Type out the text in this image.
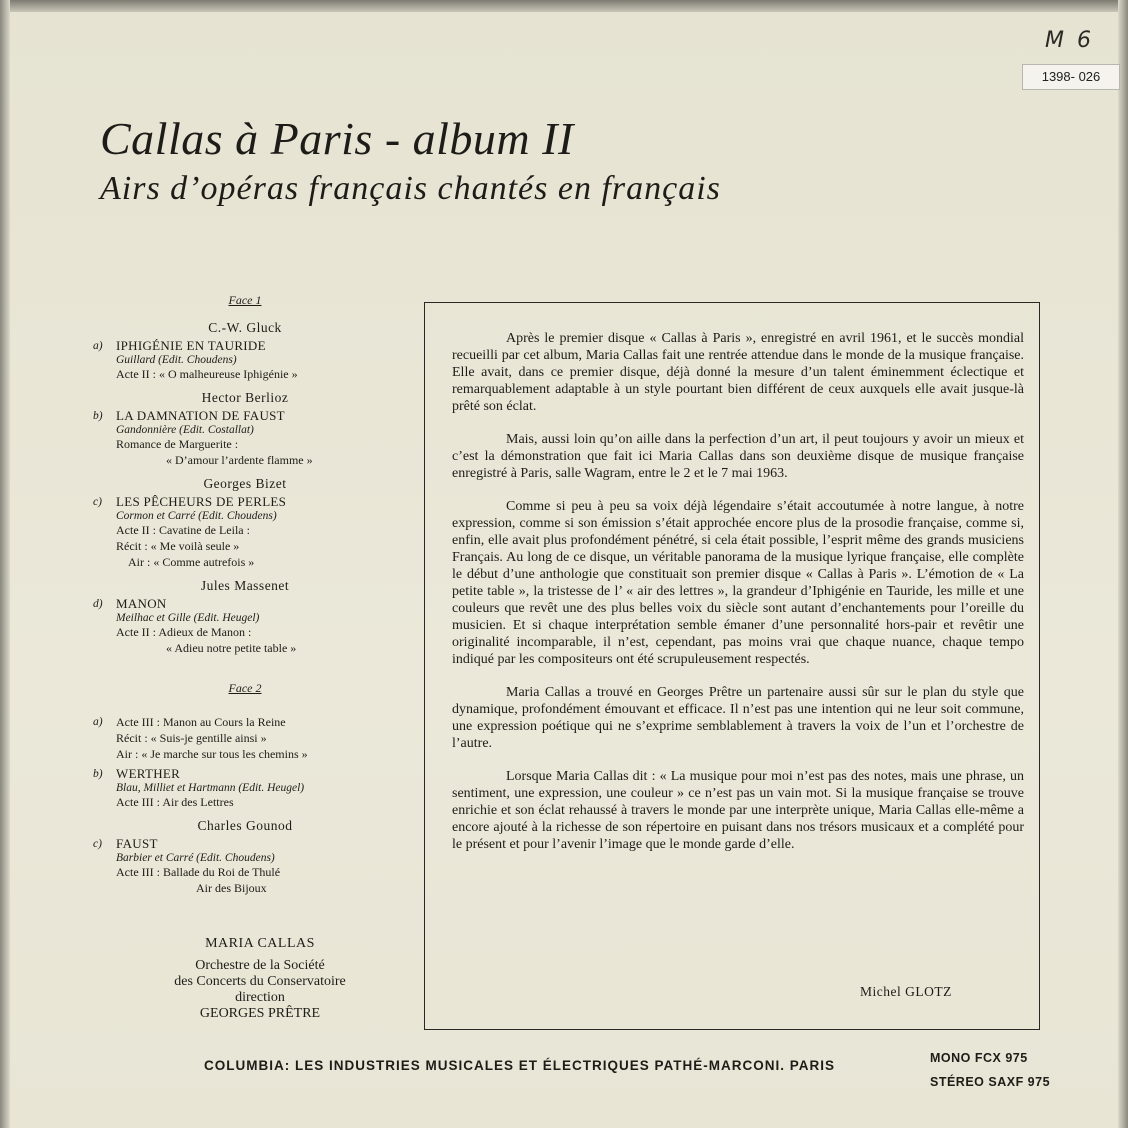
M 6
1398- 026
Callas à Paris - album II
Airs d’opéras français chantés en français
Face 1
C.-W. Gluck
a) IPHIGÉNIE EN TAURIDE
Guillard (Edit. Choudens)
Acte II : « O malheureuse Iphigénie »
Hector Berlioz
b) LA DAMNATION DE FAUST
Gandonnière (Edit. Costallat)
Romance de Marguerite :
« D’amour l’ardente flamme »
Georges Bizet
c) LES PÊCHEURS DE PERLES
Cormon et Carré (Edit. Choudens)
Acte II : Cavatine de Leila :
Récit : « Me voilà seule »
Air : « Comme autrefois »
Jules Massenet
d) MANON
Meilhac et Gille (Edit. Heugel)
Acte II : Adieux de Manon :
« Adieu notre petite table »
Face 2
a) Acte III : Manon au Cours la Reine
Récit : « Suis-je gentille ainsi »
Air : « Je marche sur tous les chemins »
b) WERTHER
Blau, Milliet et Hartmann (Edit. Heugel)
Acte III : Air des Lettres
Charles Gounod
c) FAUST
Barbier et Carré (Edit. Choudens)
Acte III : Ballade du Roi de Thulé
Air des Bijoux
MARIA CALLAS
Orchestre de la Société
des Concerts du Conservatoire
direction
GEORGES PRÊTRE

Après le premier disque « Callas à Paris », enregistré en avril 1961, et le succès mondial recueilli par cet album, Maria Callas fait une rentrée attendue dans le monde de la musique française. Elle avait, dans ce premier disque, déjà donné la mesure d’un talent éminemment éclectique et remarquablement adaptable à un style pourtant bien différent de ceux auxquels elle avait jusque-là prêté son éclat.

Mais, aussi loin qu’on aille dans la perfection d’un art, il peut toujours y avoir un mieux et c’est la démonstration que fait ici Maria Callas dans son deuxième disque de musique française enregistré à Paris, salle Wagram, entre le 2 et le 7 mai 1963.

Comme si peu à peu sa voix déjà légendaire s’était accoutumée à notre langue, à notre expression, comme si son émission s’était approchée encore plus de la prosodie française, comme si, enfin, elle avait plus profondément pénétré, si cela était possible, l’esprit même des grands musiciens Français. Au long de ce disque, un véritable panorama de la musique lyrique française, elle complète le début d’une anthologie que constituait son premier disque « Callas à Paris ». L’émotion de « La petite table », la tristesse de l’ « air des lettres », la grandeur d’Iphigénie en Tauride, les mille et une couleurs que revêt une des plus belles voix du siècle sont autant d’enchantements pour l’oreille du musicien. Et si chaque interprétation semble émaner d’une personnalité hors-pair et revêtir une originalité incomparable, il n’est, cependant, pas moins vrai que chaque nuance, chaque tempo indiqué par les compositeurs ont été scrupuleusement respectés.

Maria Callas a trouvé en Georges Prêtre un partenaire aussi sûr sur le plan du style que dynamique, profondément émouvant et efficace. Il n’est pas une intention qui ne leur soit commune, une expression poétique qui ne s’exprime semblablement à travers la voix de l’un et l’orchestre de l’autre.

Lorsque Maria Callas dit : « La musique pour moi n’est pas des notes, mais une phrase, un sentiment, une expression, une couleur » ce n’est pas un vain mot. Si la musique française se trouve enrichie et son éclat rehaussé à travers le monde par une interprète unique, Maria Callas elle-même a encore ajouté à la richesse de son répertoire en puisant dans nos trésors musicaux et a complété pour le présent et pour l’avenir l’image que le monde garde d’elle.

Michel GLOTZ
COLUMBIA: LES INDUSTRIES MUSICALES ET ÉLECTRIQUES PATHÉ-MARCONI. PARIS	MONO FCX 975
STÉREO SAXF 975
